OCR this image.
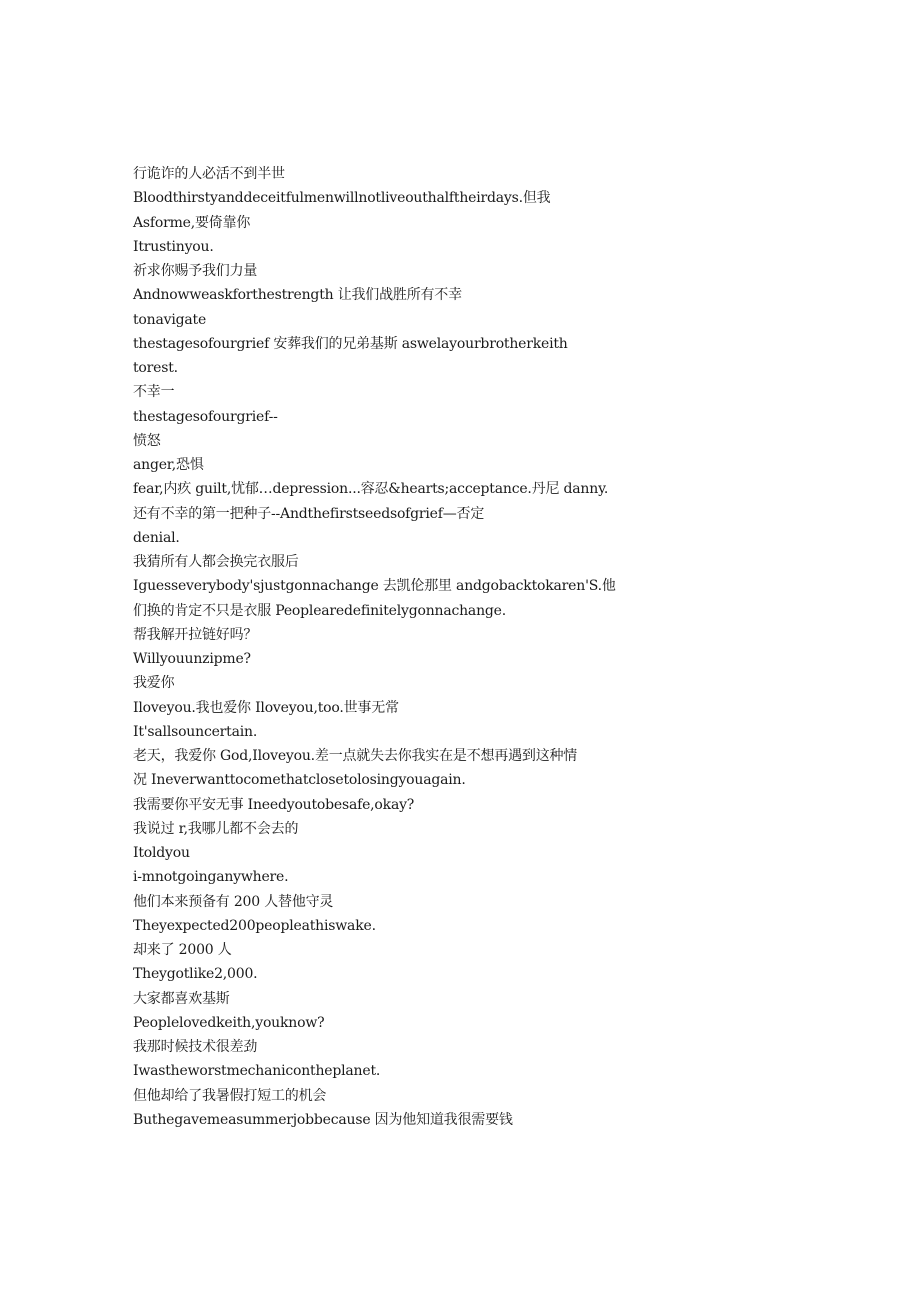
行诡诈的人必活不到半世

Bloodthirstyanddeceitfulmenwillnotliveouthalftheirdays.但我

Asforme,要倚靠你

Itrustinyou.

祈求你赐予我们力量

Andnowweaskforthestrength 让我们战胜所有不幸

tonavigate

thestagesofourgrief 安葬我们的兄弟基斯 aswelayourbrotherkeith

torest.

不幸一

thestagesofourgrief--

愤怒

anger,恐惧

fear,内疚 guilt,忧郁…depression...容忍&hearts;acceptance.丹尼 danny.

还有不幸的第一把种子--Andthefirstseedsofgrief—否定

denial.

我猜所有人都会换完衣服后

Iguesseverybody'sjustgonnachange 去凯伦那里 andgobacktokaren'S.他

们换的肯定不只是衣服 Peoplearedefinitelygonnachange.

帮我解开拉链好吗？

Willyouunzipme?

我爱你

Iloveyou.我也爱你 Iloveyou,too.世事无常

It'sallsouncertain.

老天，我爱你 God,Iloveyou.差一点就失去你我实在是不想再遇到这种情

况 Ineverwanttocomethatclosetolosingyouagain.

我需要你平安无事 Ineedyoutobesafe,okay?

我说过 r,我哪儿都不会去的

Itoldyou

i-mnotgoinganywhere.

他们本来预备有 200 人替他守灵

Theyexpected200peopleathiswake.

却来了 2000 人

Theygotlike2,000.

大家都喜欢基斯

Peoplelovedkeith,youknow?

我那时候技术很差劲

Iwastheworstmechanicontheplanet.

但他却给了我暑假打短工的机会

Buthegavemeasummerjobbecause 因为他知道我很需要钱
